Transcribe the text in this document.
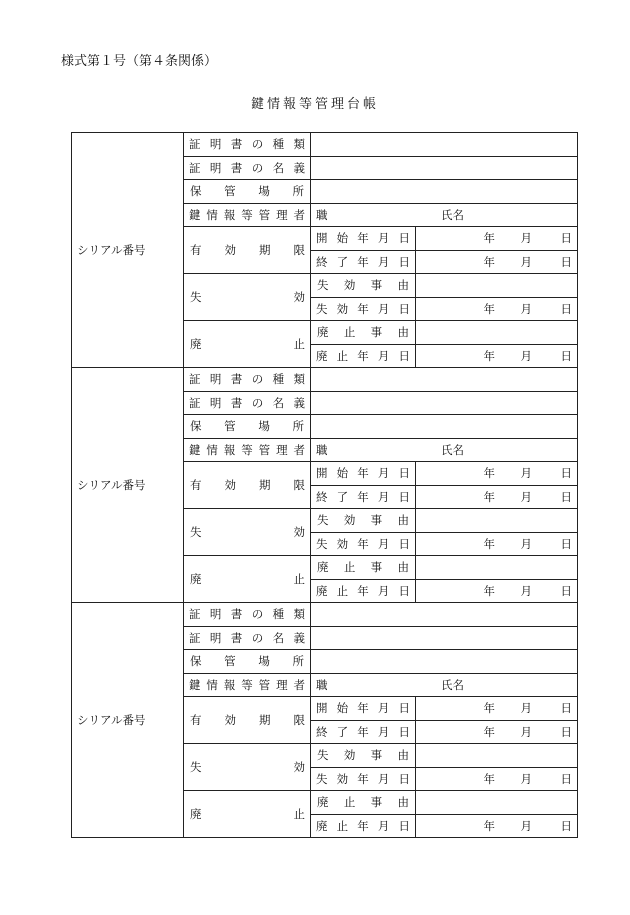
様式第１号（第４条関係）
鍵情報等管理台帳
シリアル番号	証明書の種類		
	証明書の名義		
	保管場所		
	鍵情報等管理者	職 氏名	

	有効期限	開始年月日	年 月 日

		終了年月日	年 月 日

	失効	失効事由	
		失効年月日	年 月 日

	廃止	廃止事由	
		廃止年月日	年 月 日

シリアル番号	証明書の種類		
	証明書の名義		
	保管場所		
	鍵情報等管理者	職 氏名	

	有効期限	開始年月日	年 月 日

		終了年月日	年 月 日

	失効	失効事由	
		失効年月日	年 月 日

	廃止	廃止事由	
		廃止年月日	年 月 日

シリアル番号	証明書の種類		
	証明書の名義		
	保管場所		
	鍵情報等管理者	職 氏名	

	有効期限	開始年月日	年 月 日

		終了年月日	年 月 日

	失効	失効事由	
		失効年月日	年 月 日

	廃止	廃止事由	
		廃止年月日	年 月 日
